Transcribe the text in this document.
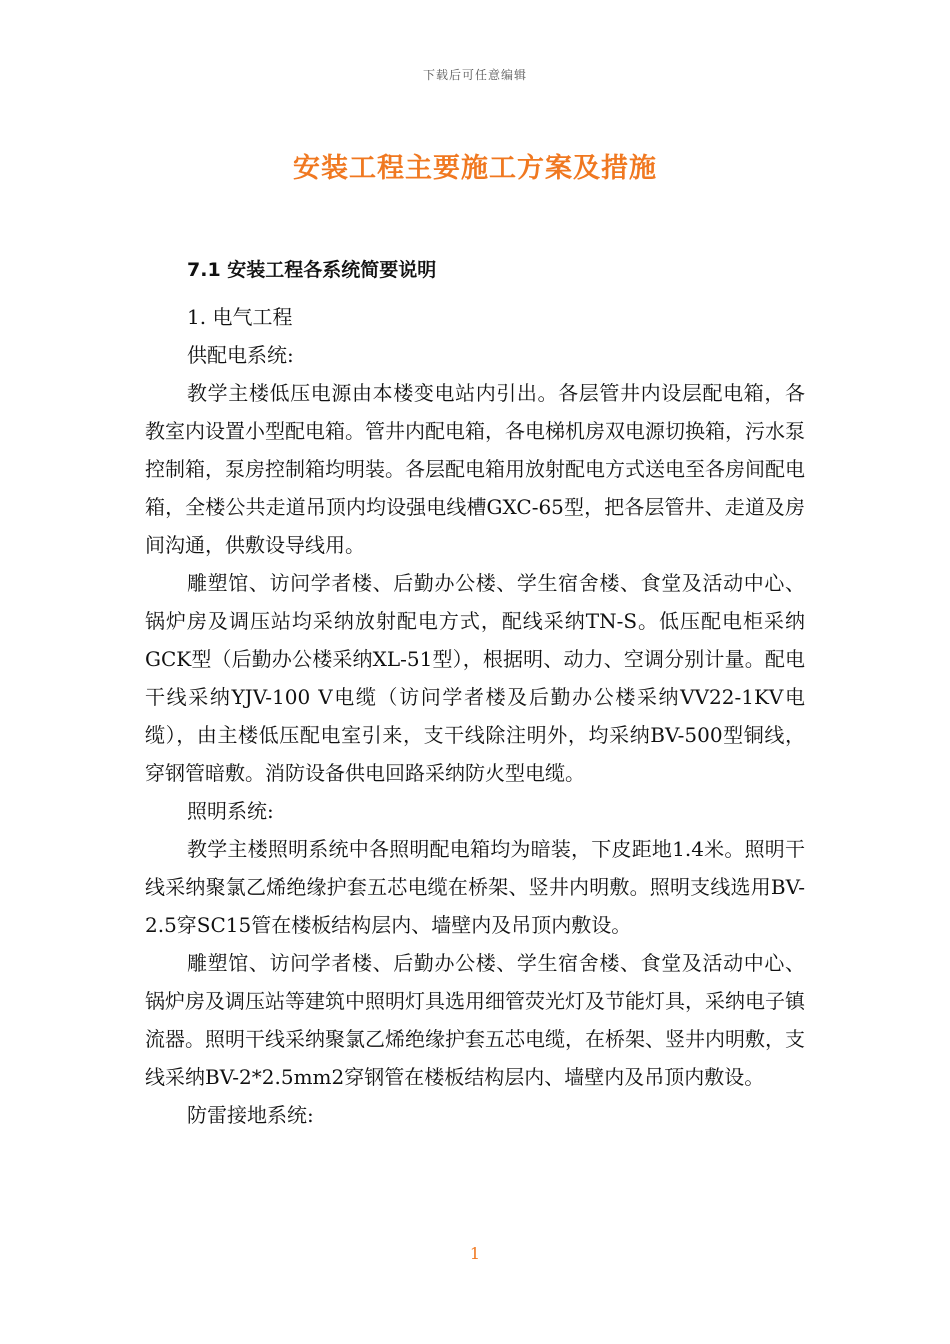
下载后可任意编辑
安装工程主要施工方案及措施
7.1 安装工程各系统简要说明

1. 电气工程

供配电系统:

教学主楼低压电源由本楼变电站内引出。各层管井内设层配电箱，各教室内设置小型配电箱。管井内配电箱，各电梯机房双电源切换箱，污水泵控制箱，泵房控制箱均明装。各层配电箱用放射配电方式送电至各房间配电箱，全楼公共走道吊顶内均设强电线槽GXC-65型，把各层管井、走道及房间沟通，供敷设导线用。

雕塑馆、访问学者楼、后勤办公楼、学生宿舍楼、食堂及活动中心、锅炉房及调压站均采纳放射配电方式，配线采纳TN-S。低压配电柜采纳GCK型（后勤办公楼采纳XL-51型），根据明、动力、空调分别计量。配电干线采纳YJV-100 V电缆（访问学者楼及后勤办公楼采纳VV22-1KV电缆），由主楼低压配电室引来，支干线除注明外，均采纳BV-500型铜线，穿钢管暗敷。消防设备供电回路采纳防火型电缆。

照明系统:

教学主楼照明系统中各照明配电箱均为暗装，下皮距地1.4米。照明干线采纳聚氯乙烯绝缘护套五芯电缆在桥架、竖井内明敷。照明支线选用BV-2.5穿SC15管在楼板结构层内、墙壁内及吊顶内敷设。

雕塑馆、访问学者楼、后勤办公楼、学生宿舍楼、食堂及活动中心、锅炉房及调压站等建筑中照明灯具选用细管荧光灯及节能灯具，采纳电子镇流器。照明干线采纳聚氯乙烯绝缘护套五芯电缆，在桥架、竖井内明敷，支线采纳BV-2*2.5mm2穿钢管在楼板结构层内、墙壁内及吊顶内敷设。

防雷接地系统:

1
